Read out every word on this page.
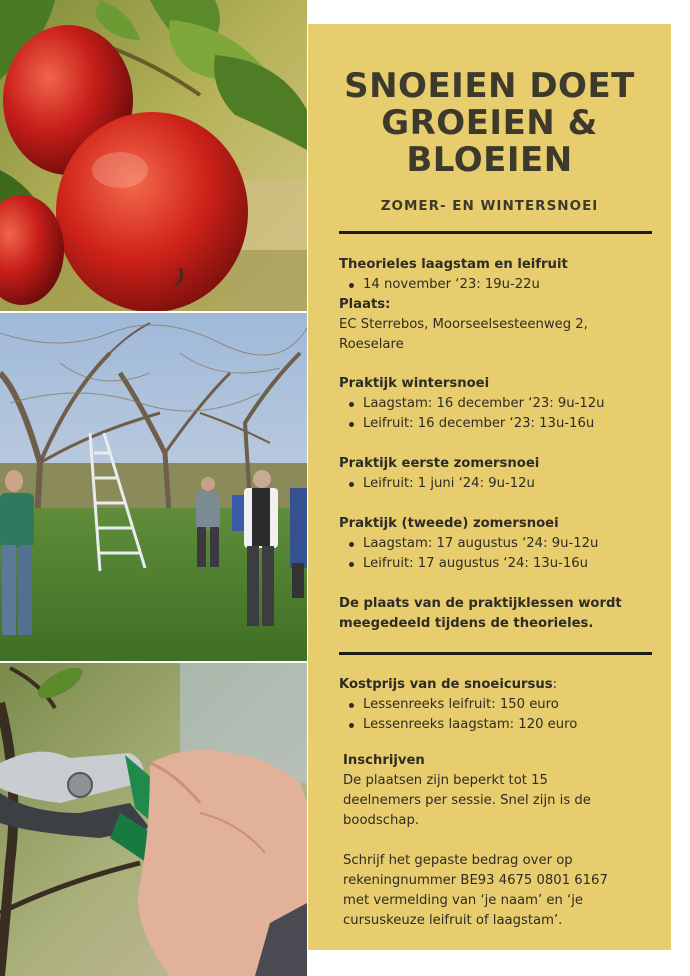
SNOEIEN DOET
GROEIEN &
BLOEIEN
ZOMER- EN WINTERSNOEI
Theorieles laagstam en leifruit
14 november ‘23: 19u-22u
Plaats:
EC Sterrebos, Moorseelsesteenweg 2,
Roeselare
Praktijk wintersnoei
Laagstam: 16 december ‘23: 9u-12u
Leifruit: 16 december ‘23: 13u-16u
Praktijk eerste zomersnoei
Leifruit: 1 juni ‘24: 9u-12u
Praktijk (tweede) zomersnoei
Laagstam: 17 augustus ‘24: 9u-12u
Leifruit: 17 augustus ‘24: 13u-16u
De plaats van de praktijklessen wordt
meegedeeld tijdens de theorieles.
Kostprijs van de snoeicursus:
Lessenreeks leifruit: 150 euro
Lessenreeks laagstam: 120 euro
Inschrijven
De plaatsen zijn beperkt tot 15
deelnemers per sessie. Snel zijn is de
boodschap.
Schrijf het gepaste bedrag over op
rekeningnummer BE93 4675 0801 6167
met vermelding van ‘je naam’ en ‘je
cursuskeuze leifruit of laagstam’.
